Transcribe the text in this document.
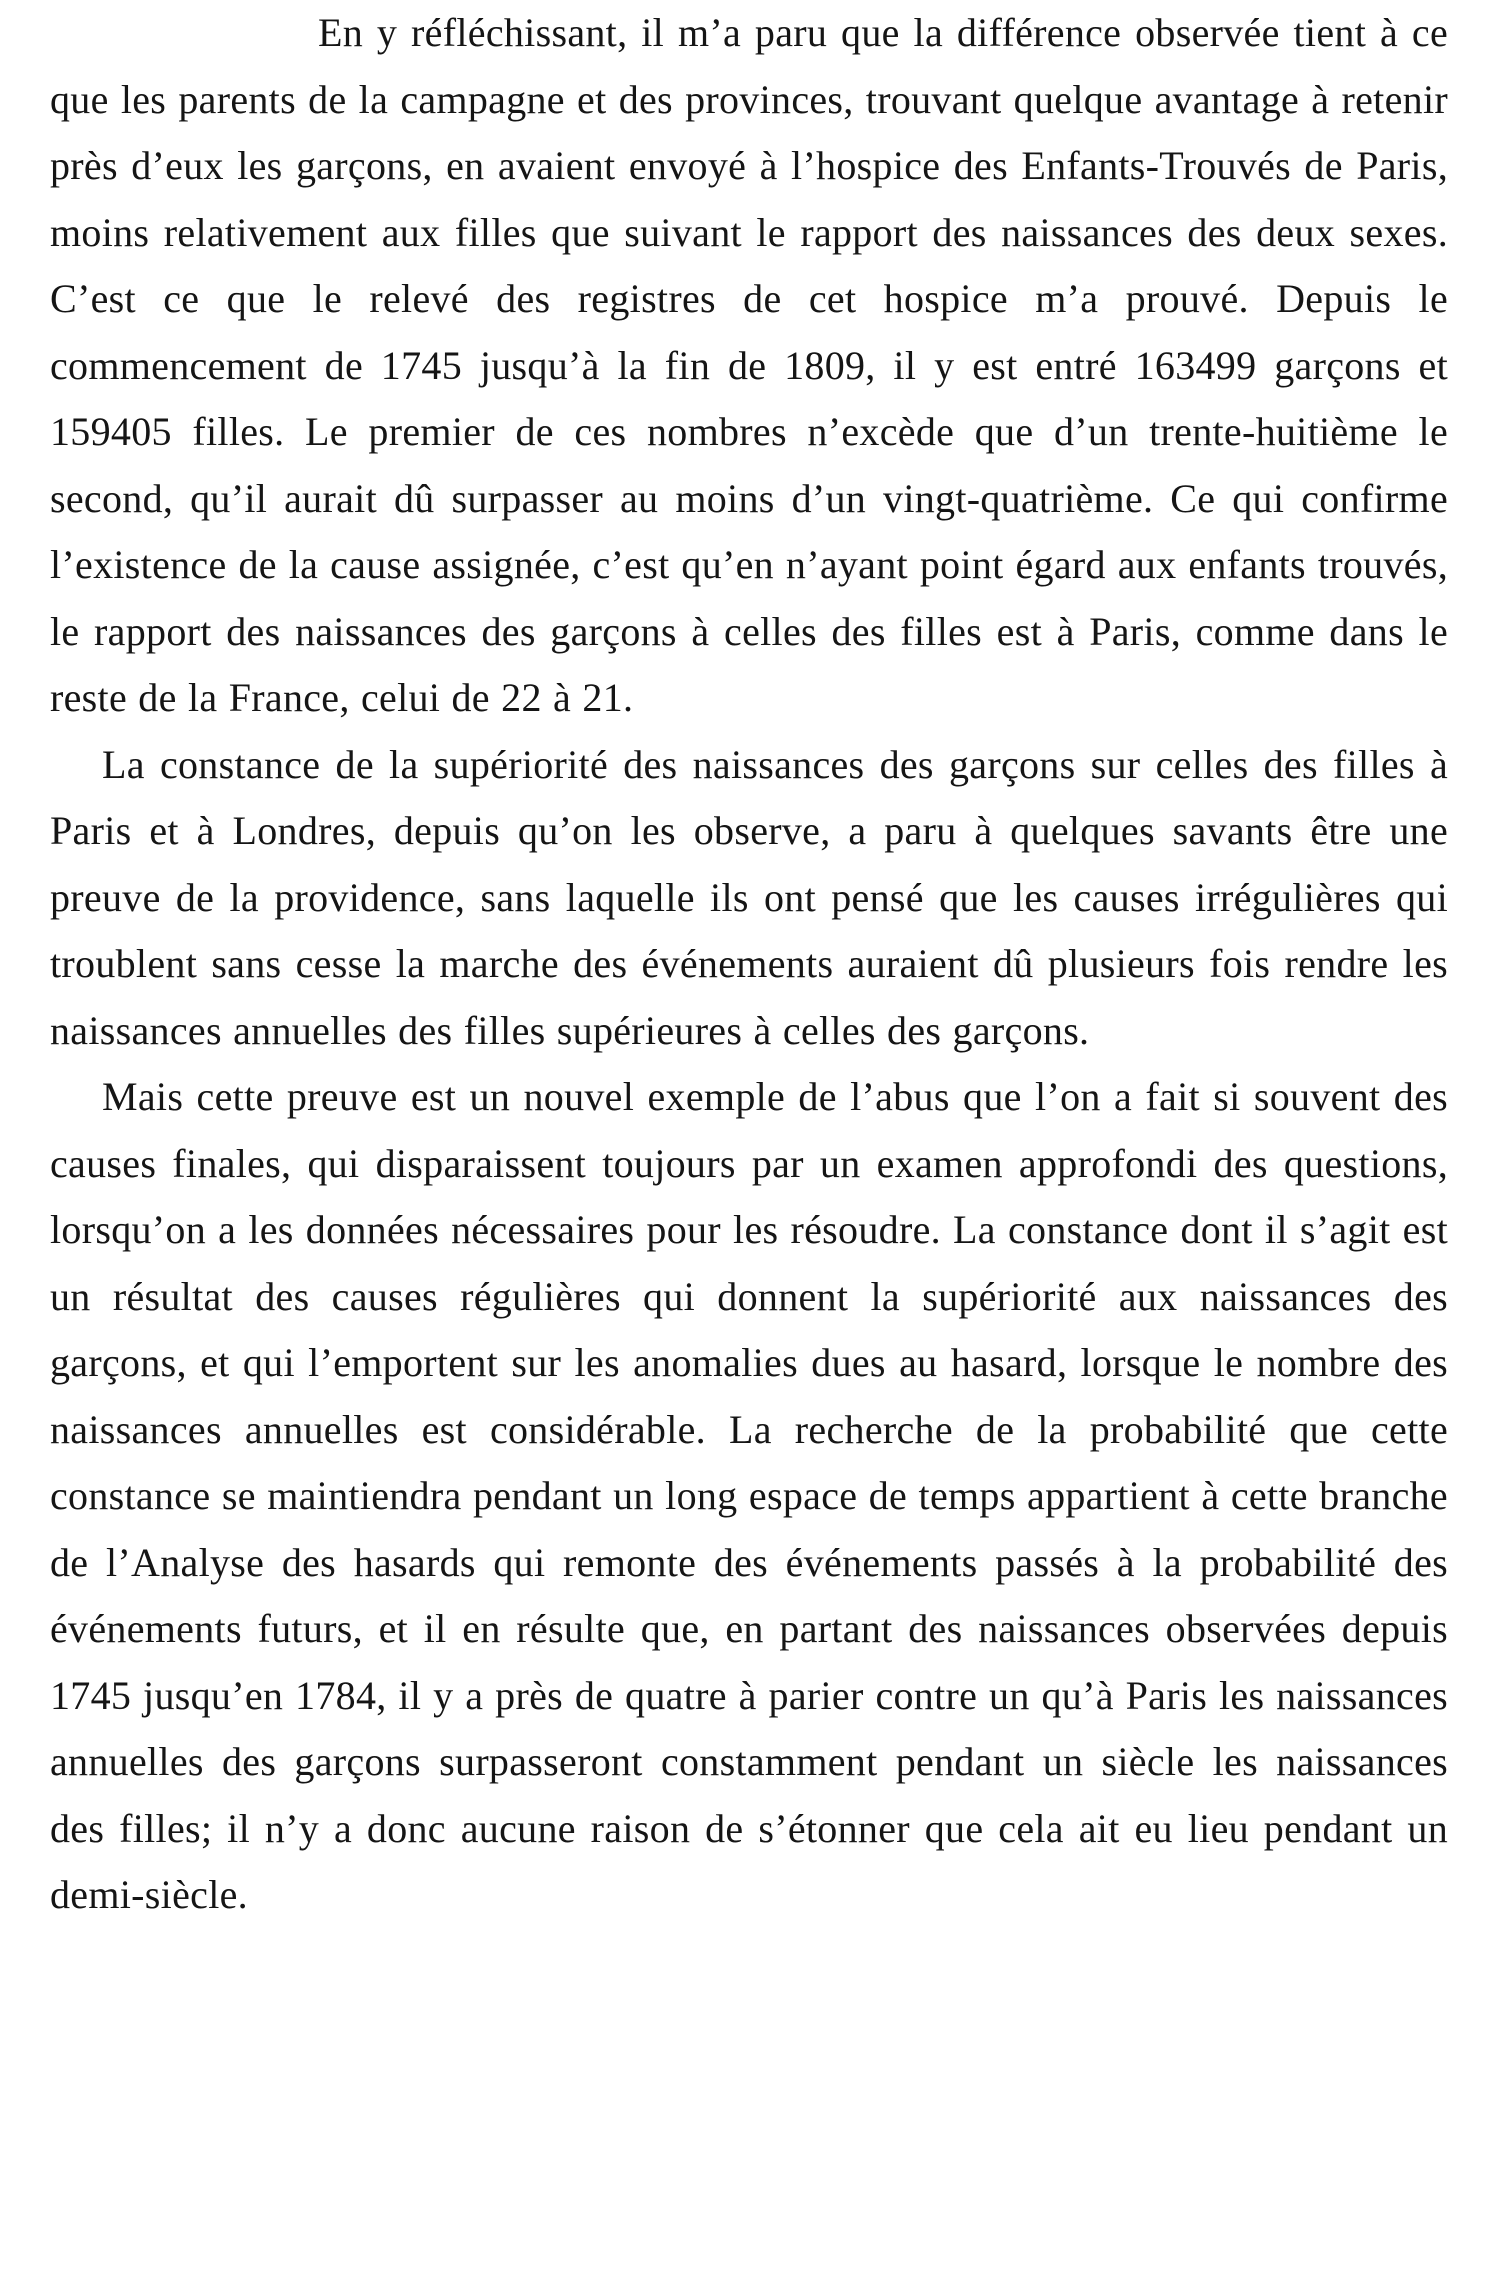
En y réfléchissant, il m’a paru que la différence observée tient à ce que les parents de la campagne et des provinces, trouvant quelque avantage à retenir près d’eux les garçons, en avaient envoyé à l’hospice des Enfants-Trouvés de Paris, moins relativement aux filles que suivant le rapport des naissances des deux sexes. C’est ce que le relevé des registres de cet hospice m’a prouvé. Depuis le commencement de 1745 jusqu’à la fin de 1809, il y est entré 163499 garçons et 159405 filles. Le premier de ces nombres n’excède que d’un trente-huitième le second, qu’il aurait dû surpasser au moins d’un vingt-quatrième. Ce qui confirme l’existence de la cause assignée, c’est qu’en n’ayant point égard aux enfants trouvés, le rapport des naissances des garçons à celles des filles est à Paris, comme dans le reste de la France, celui de 22 à 21.

La constance de la supériorité des naissances des garçons sur celles des filles à Paris et à Londres, depuis qu’on les observe, a paru à quelques savants être une preuve de la providence, sans laquelle ils ont pensé que les causes irrégulières qui troublent sans cesse la marche des événements auraient dû plusieurs fois rendre les naissances annuelles des filles supérieures à celles des garçons.

Mais cette preuve est un nouvel exemple de l’abus que l’on a fait si souvent des causes finales, qui disparaissent toujours par un examen approfondi des questions, lorsqu’on a les données nécessaires pour les résoudre. La constance dont il s’agit est un résultat des causes régulières qui donnent la supériorité aux naissances des garçons, et qui l’emportent sur les anomalies dues au hasard, lorsque le nombre des naissances annuelles est considérable. La recherche de la probabilité que cette constance se maintiendra pendant un long espace de temps appartient à cette branche de l’Analyse des hasards qui remonte des événements passés à la probabilité des événements futurs, et il en résulte que, en partant des naissances observées depuis 1745 jusqu’en 1784, il y a près de quatre à parier contre un qu’à Paris les naissances annuelles des garçons surpasseront constamment pendant un siècle les naissances des filles; il n’y a donc aucune raison de s’étonner que cela ait eu lieu pendant un demi-siècle.
